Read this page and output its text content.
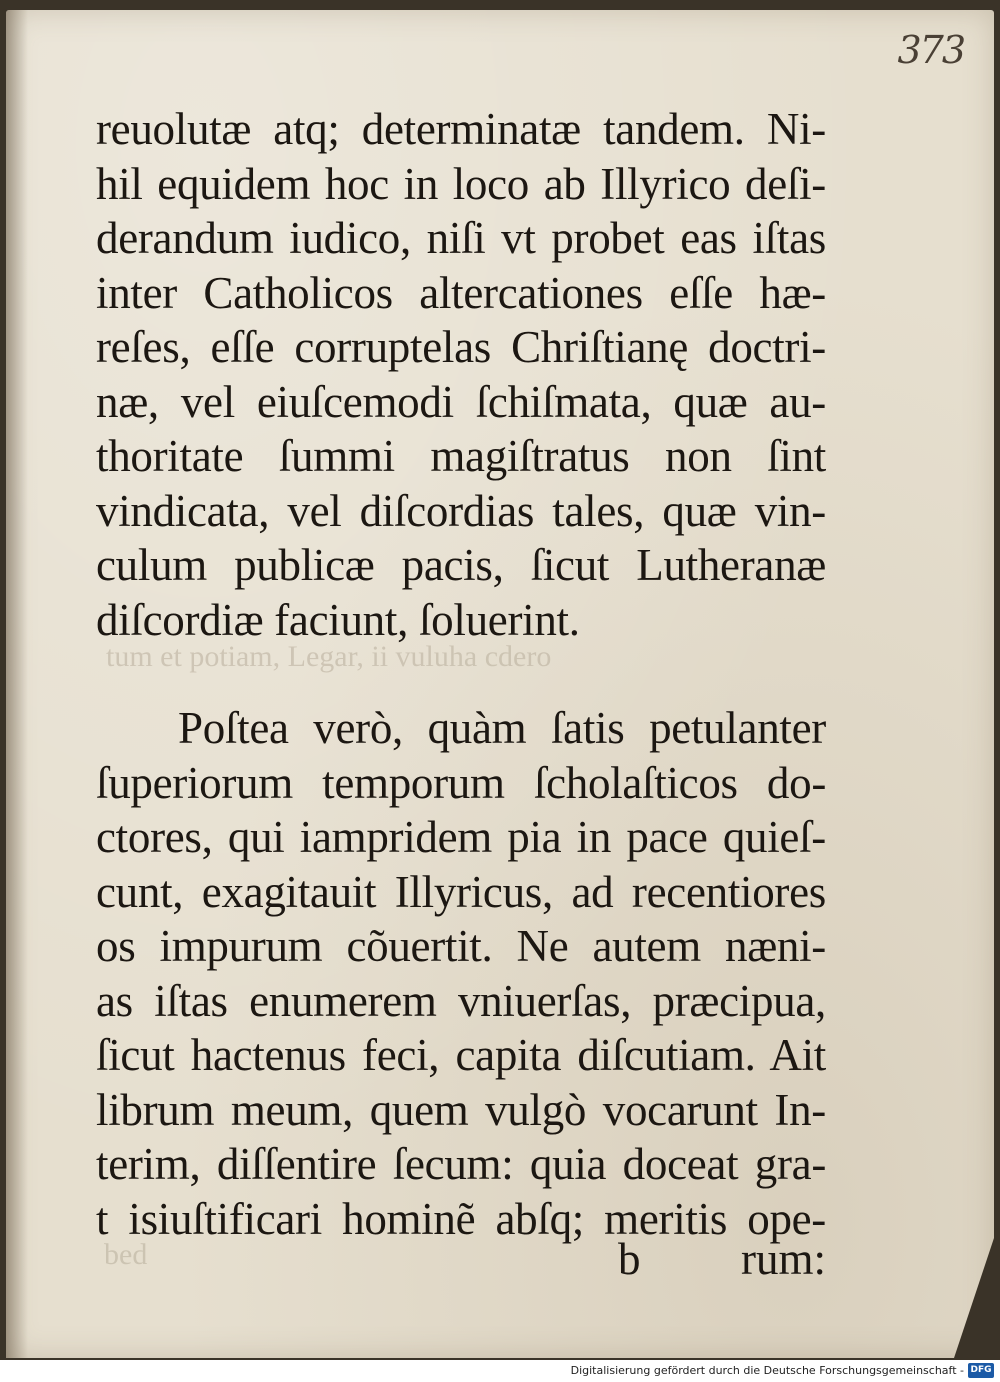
373
tum et potiam, Legar, ii vuluha cdero
bed
reuolutæ atq; determinatæ tandem. Ni-
hil equidem hoc in loco ab Illyrico deſi-
derandum iudico, niſi vt probet eas iſtas
inter Catholicos altercationes eſſe hæ-
reſes, eſſe corruptelas Chriſtianę doctri-
næ, vel eiuſcemodi ſchiſmata, quæ au-
thoritate ſummi magiſtratus non ſint
vindicata, vel diſcordias tales, quæ vin-
culum publicæ pacis, ſicut Lutheranæ
diſcordiæ faciunt, ſoluerint.
Poſtea verò, quàm ſatis petulanter
ſuperiorum temporum ſcholaſticos do-
ctores, qui iampridem pia in pace quieſ-
cunt, exagitauit Illyricus, ad recentiores
os impurum cõuertit. Ne autem næni-
as iſtas enumerem vniuerſas, præcipua,
ſicut hactenus feci, capita diſcutiam. Ait
librum meum, quem vulgò vocarunt In-
terim, diſſentire ſecum: quia doceat gra-
t isiuſtificari hominẽ abſq; meritis ope-
b rum:
Digitalisierung gefördert durch die Deutsche Forschungsgemeinschaft - DFG
